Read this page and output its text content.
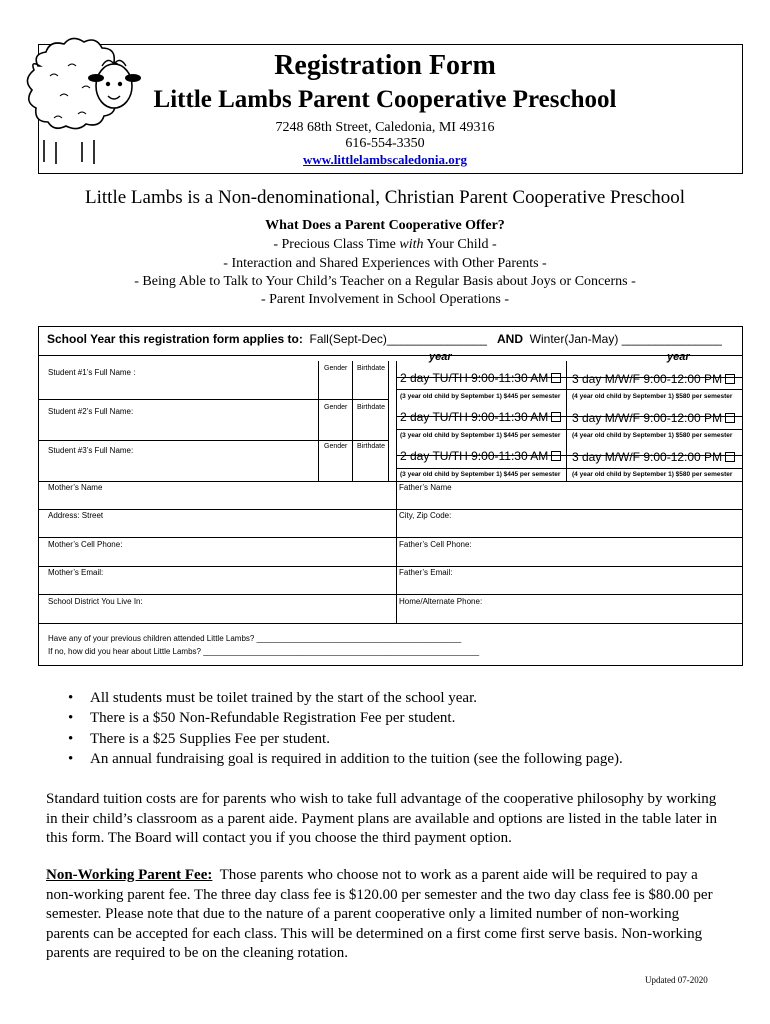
Registration Form
Little Lambs Parent Cooperative Preschool
7248 68th Street, Caledonia, MI 49316
616-554-3350
www.littlelambscaledonia.org
Little Lambs is a Non-denominational, Christian Parent Cooperative Preschool
What Does a Parent Cooperative Offer?
- Precious Class Time with Your Child -
- Interaction and Shared Experiences with Other Parents -
- Being Able to Talk to Your Child’s Teacher on a Regular Basis about Joys or Concerns -
- Parent Involvement in School Operations -
School Year this registration form applies to: Fall(Sept-Dec)_______________ AND Winter(Jan-May) _______________
year	year
Student #1’s Full Name :	Gender Birthdate
2 day TU/TH 9:00-11:30 AM	3 day M/W/F 9:00-12:00 PM
(3 year old child by September 1) $445 per semester (4 year old child by September 1) $580 per semester
Student #2’s Full Name:	Gender Birthdate
2 day TU/TH 9:00-11:30 AM	3 day M/W/F 9:00-12:00 PM
(3 year old child by September 1) $445 per semester (4 year old child by September 1) $580 per semester
Student #3’s Full Name:	Gender Birthdate
2 day TU/TH 9:00-11:30 AM	3 day M/W/F 9:00-12:00 PM
(3 year old child by September 1) $445 per semester (4 year old child by September 1) $580 per semester
Mother’s Name	Father’s Name
Address: Street	City, Zip Code:
Mother’s Cell Phone:	Father’s Cell Phone:
Mother’s Email:	Father’s Email:
School District You Live In:	Home/Alternate Phone:
Have any of your previous children attended Little Lambs? ______________________________________________
If no, how did you hear about Little Lambs? ______________________________________________________________
• All students must be toilet trained by the start of the school year.
• There is a $50 Non-Refundable Registration Fee per student.
• There is a $25 Supplies Fee per student.
• An annual fundraising goal is required in addition to the tuition (see the following page).
Standard tuition costs are for parents who wish to take full advantage of the cooperative philosophy by working in their child’s classroom as a parent aide. Payment plans are available and options are listed in the table later in this form. The Board will contact you if you choose the third payment option.
Non-Working Parent Fee: Those parents who choose not to work as a parent aide will be required to pay a non-working parent fee. The three day class fee is $120.00 per semester and the two day class fee is $80.00 per semester. Please note that due to the nature of a parent cooperative only a limited number of non-working parents can be accepted for each class. This will be determined on a first come first serve basis. Non-working parents are required to be on the cleaning rotation.
Updated 07-2020
